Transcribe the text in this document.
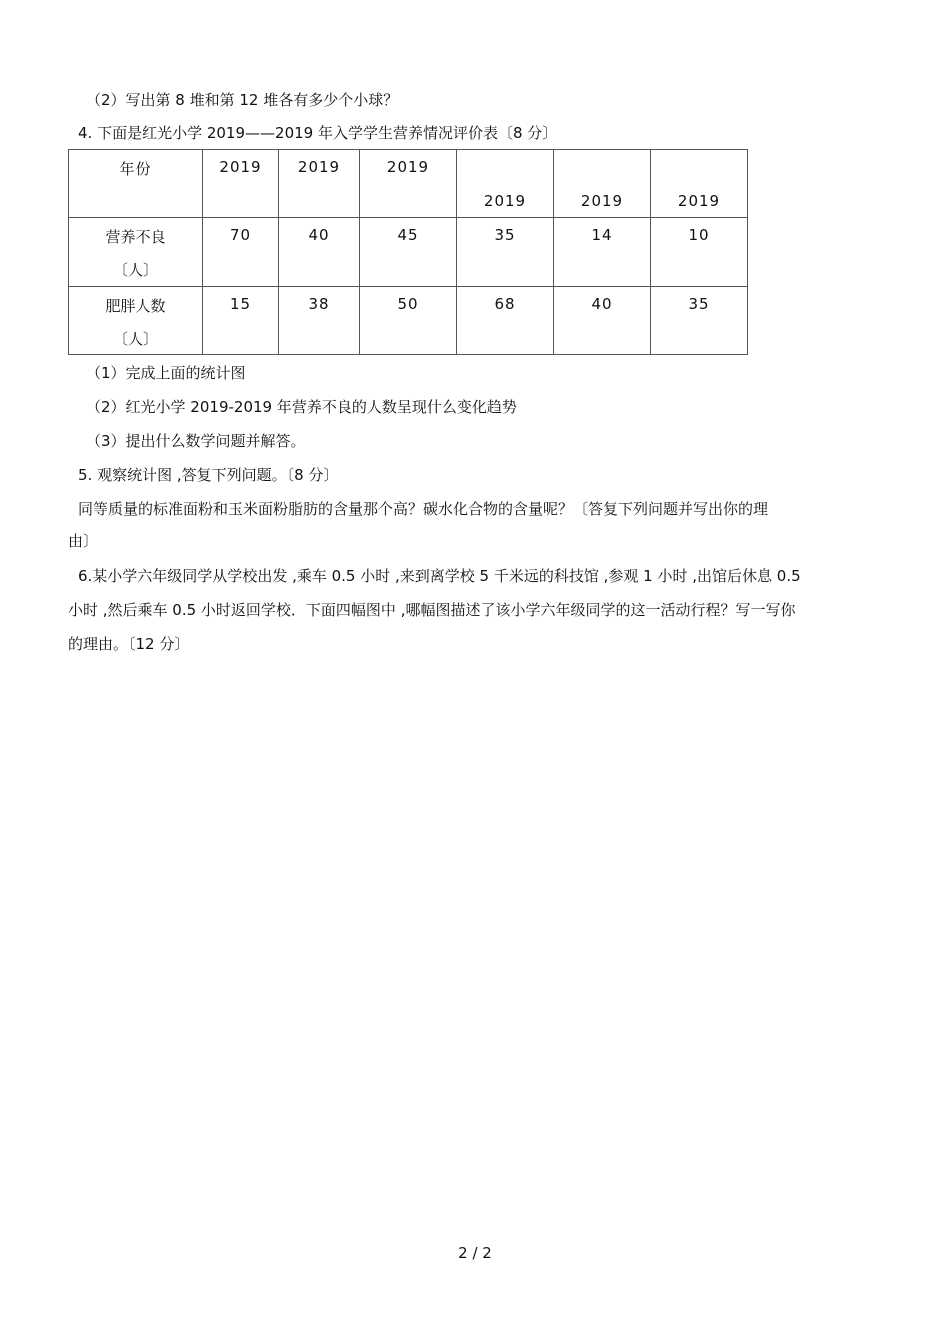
（2）写出第 8 堆和第 12 堆各有多少个小球？
4. 下面是红光小学 2019——2019 年入学学生营养情况评价表〔8 分〕
年份	2019	2019	2019	2019	2019	2019

营养不良
〔人〕	70	40	45	35	14	10

肥胖人数
〔人〕	15	38	50	68	40	35
（1）完成上面的统计图
（2）红光小学 2019-2019 年营养不良的人数呈现什么变化趋势
（3）提出什么数学问题并解答。
5. 观察统计图 ,答复下列问题。〔8 分〕
同等质量的标准面粉和玉米面粉脂肪的含量那个高？碳水化合物的含量呢？〔答复下列问题并写出你的理
由〕
6.某小学六年级同学从学校出发 ,乘车 0.5 小时 ,来到离学校 5 千米远的科技馆 ,参观 1 小时 ,出馆后休息 0.5
小时 ,然后乘车 0.5 小时返回学校．下面四幅图中 ,哪幅图描述了该小学六年级同学的这一活动行程？写一写你
的理由。〔12 分〕
2 / 2
